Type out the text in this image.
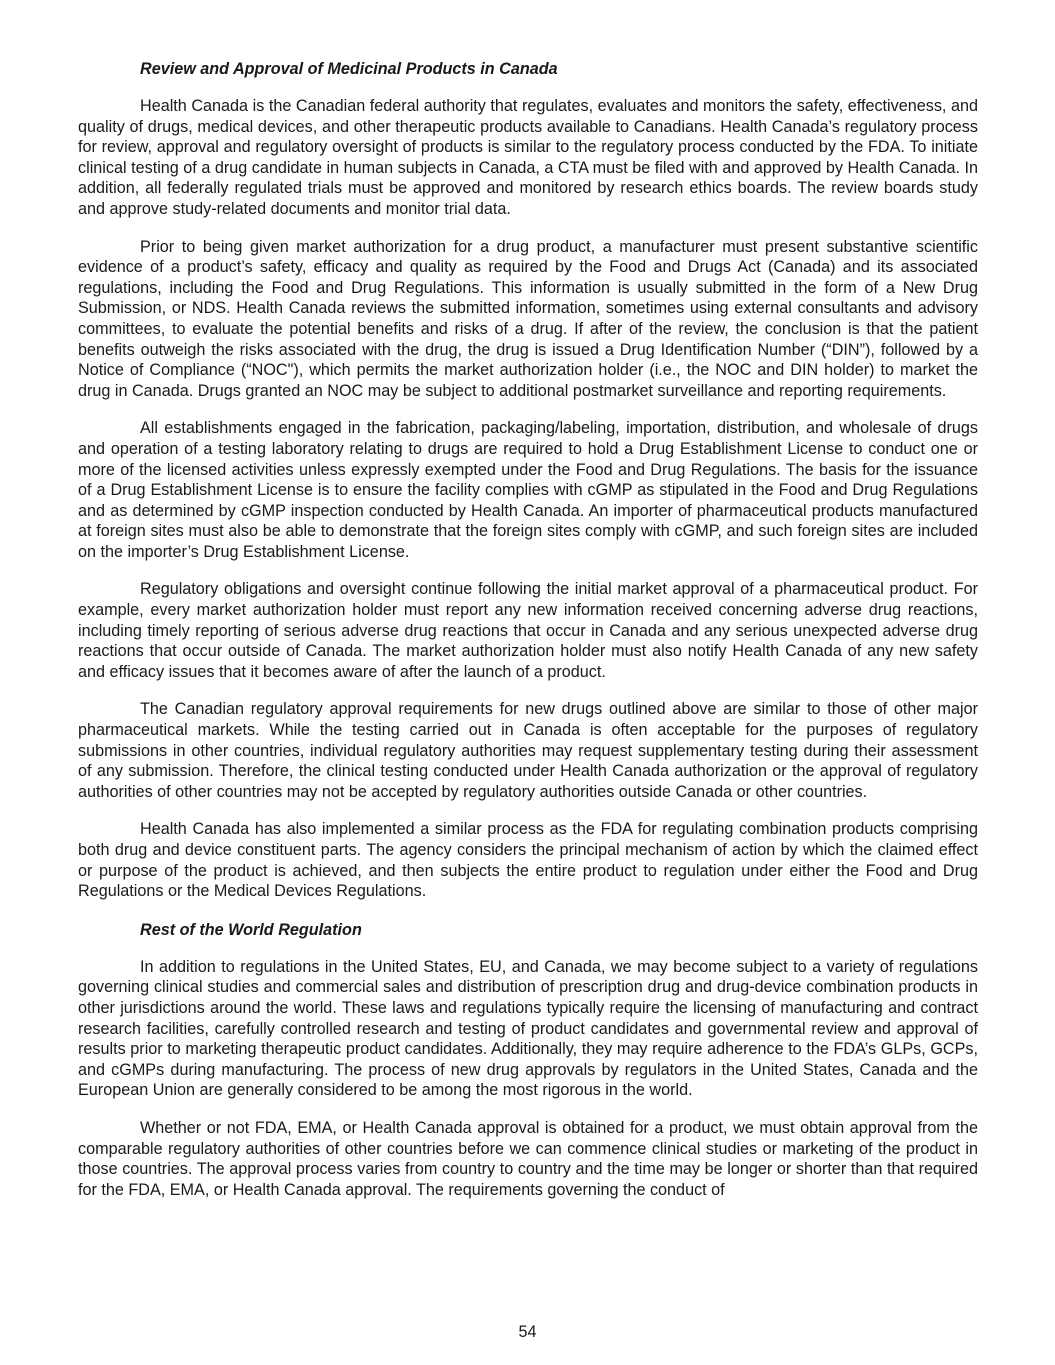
Review and Approval of Medicinal Products in Canada

Health Canada is the Canadian federal authority that regulates, evaluates and monitors the safety, effectiveness, and quality of drugs, medical devices, and other therapeutic products available to Canadians. Health Canada’s regulatory process for review, approval and regulatory oversight of products is similar to the regulatory process conducted by the FDA. To initiate clinical testing of a drug candidate in human subjects in Canada, a CTA must be filed with and approved by Health Canada. In addition, all federally regulated trials must be approved and monitored by research ethics boards. The review boards study and approve study-related documents and monitor trial data.

Prior to being given market authorization for a drug product, a manufacturer must present substantive scientific evidence of a product’s safety, efficacy and quality as required by the Food and Drugs Act (Canada) and its associated regulations, including the Food and Drug Regulations. This information is usually submitted in the form of a New Drug Submission, or NDS. Health Canada reviews the submitted information, sometimes using external consultants and advisory committees, to evaluate the potential benefits and risks of a drug. If after of the review, the conclusion is that the patient benefits outweigh the risks associated with the drug, the drug is issued a Drug Identification Number (“DIN”), followed by a Notice of Compliance (“NOC"), which permits the market authorization holder (i.e., the NOC and DIN holder) to market the drug in Canada. Drugs granted an NOC may be subject to additional postmarket surveillance and reporting requirements.

All establishments engaged in the fabrication, packaging/labeling, importation, distribution, and wholesale of drugs and operation of a testing laboratory relating to drugs are required to hold a Drug Establishment License to conduct one or more of the licensed activities unless expressly exempted under the Food and Drug Regulations. The basis for the issuance of a Drug Establishment License is to ensure the facility complies with cGMP as stipulated in the Food and Drug Regulations and as determined by cGMP inspection conducted by Health Canada. An importer of pharmaceutical products manufactured at foreign sites must also be able to demonstrate that the foreign sites comply with cGMP, and such foreign sites are included on the importer’s Drug Establishment License.

Regulatory obligations and oversight continue following the initial market approval of a pharmaceutical product. For example, every market authorization holder must report any new information received concerning adverse drug reactions, including timely reporting of serious adverse drug reactions that occur in Canada and any serious unexpected adverse drug reactions that occur outside of Canada. The market authorization holder must also notify Health Canada of any new safety and efficacy issues that it becomes aware of after the launch of a product.

The Canadian regulatory approval requirements for new drugs outlined above are similar to those of other major pharmaceutical markets. While the testing carried out in Canada is often acceptable for the purposes of regulatory submissions in other countries, individual regulatory authorities may request supplementary testing during their assessment of any submission. Therefore, the clinical testing conducted under Health Canada authorization or the approval of regulatory authorities of other countries may not be accepted by regulatory authorities outside Canada or other countries.

Health Canada has also implemented a similar process as the FDA for regulating combination products comprising both drug and device constituent parts. The agency considers the principal mechanism of action by which the claimed effect or purpose of the product is achieved, and then subjects the entire product to regulation under either the Food and Drug Regulations or the Medical Devices Regulations.

Rest of the World Regulation

In addition to regulations in the United States, EU, and Canada, we may become subject to a variety of regulations governing clinical studies and commercial sales and distribution of prescription drug and drug-device combination products in other jurisdictions around the world. These laws and regulations typically require the licensing of manufacturing and contract research facilities, carefully controlled research and testing of product candidates and governmental review and approval of results prior to marketing therapeutic product candidates. Additionally, they may require adherence to the FDA’s GLPs, GCPs, and cGMPs during manufacturing. The process of new drug approvals by regulators in the United States, Canada and the European Union are generally considered to be among the most rigorous in the world.

Whether or not FDA, EMA, or Health Canada approval is obtained for a product, we must obtain approval from the comparable regulatory authorities of other countries before we can commence clinical studies or marketing of the product in those countries. The approval process varies from country to country and the time may be longer or shorter than that required for the FDA, EMA, or Health Canada approval. The requirements governing the conduct of

54
